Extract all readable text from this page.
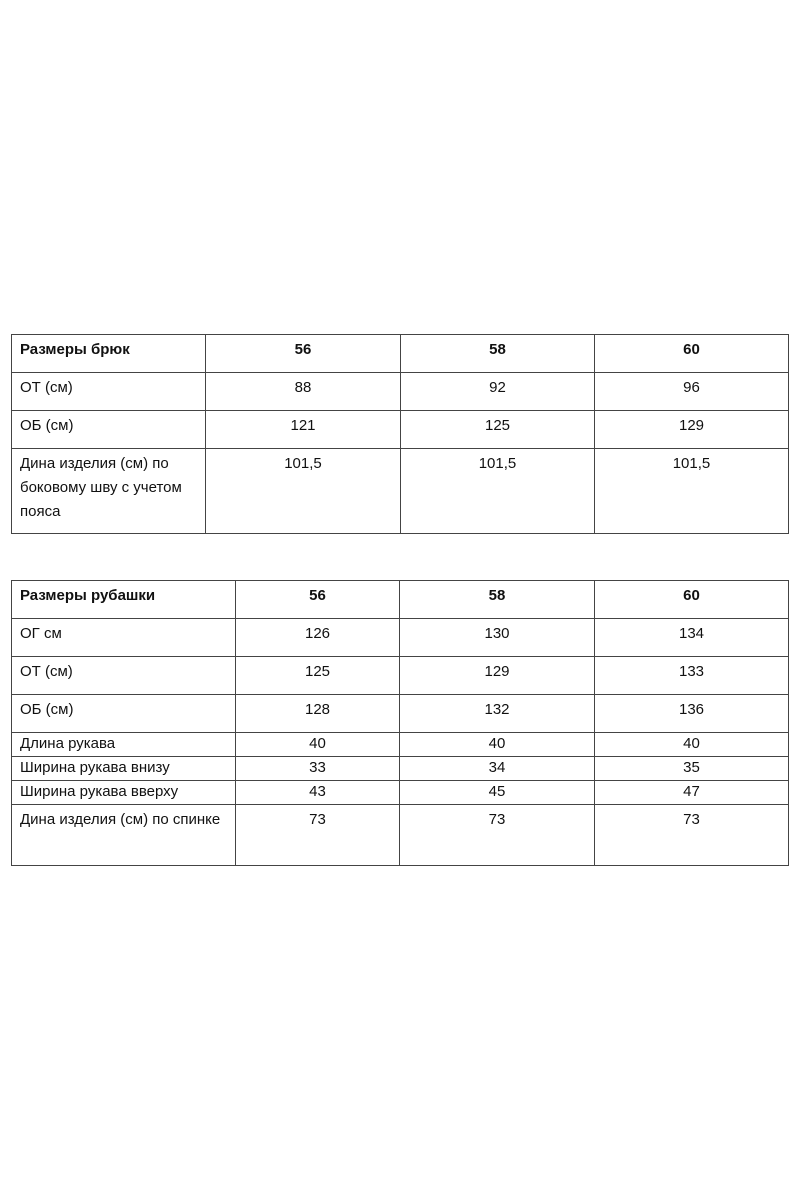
Размеры брюк	56	58	60
ОТ (см)	88	92	96
ОБ (см)	121	125	129
Дина изделия (см) по боковому шву с учетом пояса	101,5	101,5	101,5
Размеры рубашки	56	58	60
ОГ см	126	130	134
ОТ (см)	125	129	133
ОБ (см)	128	132	136
Длина рукава	40	40	40
Ширина рукава внизу	33	34	35
Ширина рукава вверху	43	45	47
Дина изделия (см) по спинке	73	73	73
